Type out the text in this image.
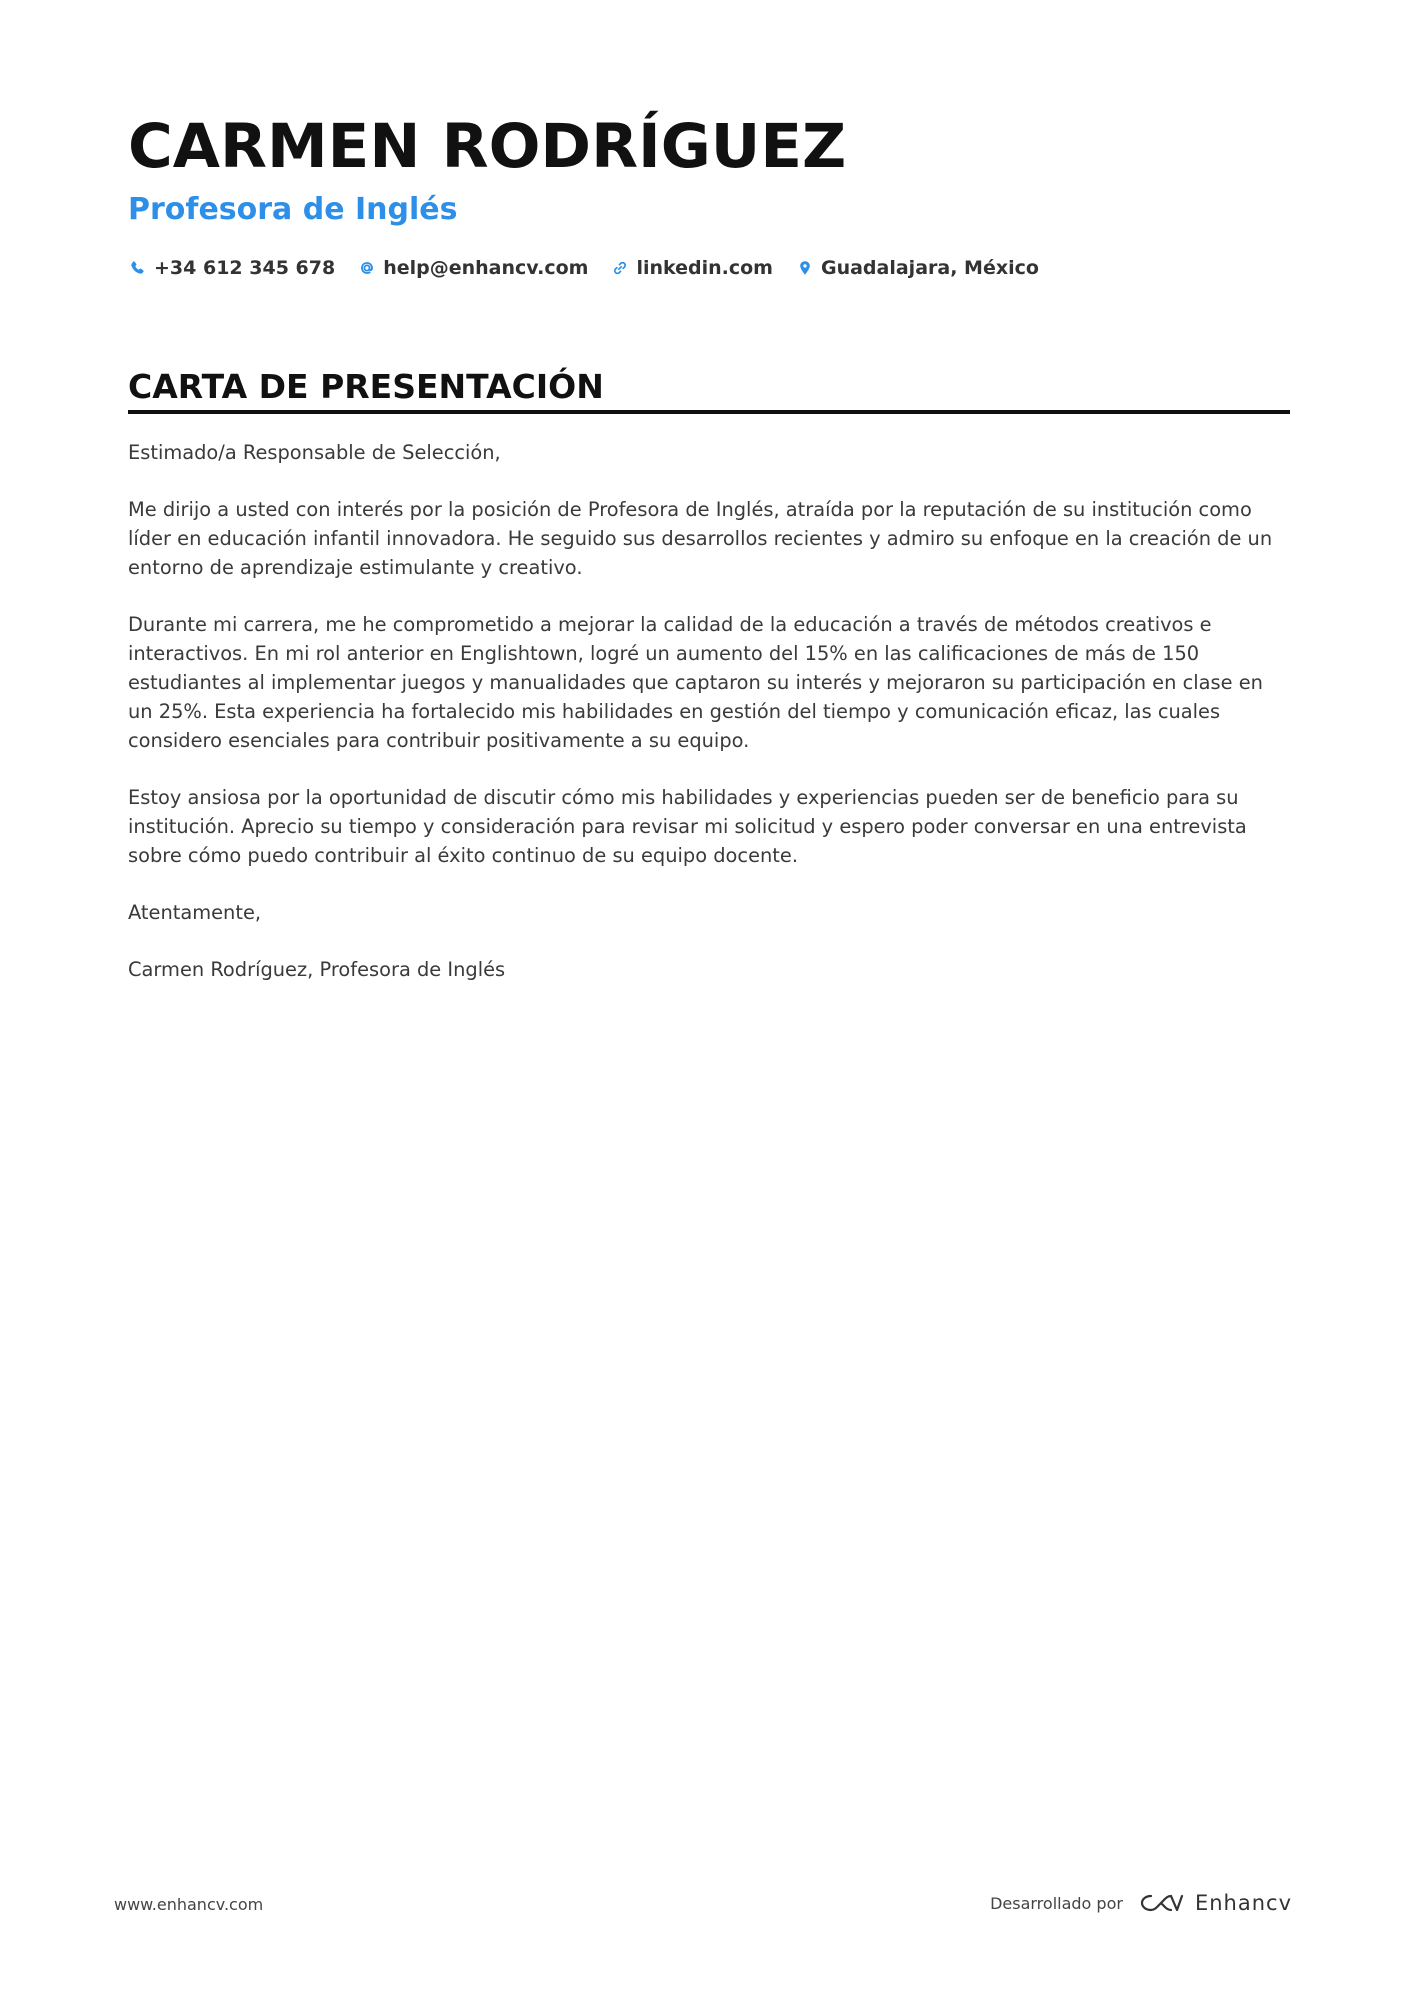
CARMEN RODRÍGUEZ
Profesora de Inglés
+34 612 345 678	help@enhancv.com	linkedin.com	Guadalajara, México
CARTA DE PRESENTACIÓN

Estimado/a Responsable de Selección,

Me dirijo a usted con interés por la posición de Profesora de Inglés, atraída por la reputación de su institución como líder en educación infantil innovadora. He seguido sus desarrollos recientes y admiro su enfoque en la creación de un entorno de aprendizaje estimulante y creativo.

Durante mi carrera, me he comprometido a mejorar la calidad de la educación a través de métodos creativos e interactivos. En mi rol anterior en Englishtown, logré un aumento del 15% en las calificaciones de más de 150 estudiantes al implementar juegos y manualidades que captaron su interés y mejoraron su participación en clase en un 25%. Esta experiencia ha fortalecido mis habilidades en gestión del tiempo y comunicación eficaz, las cuales considero esenciales para contribuir positivamente a su equipo.

Estoy ansiosa por la oportunidad de discutir cómo mis habilidades y experiencias pueden ser de beneficio para su institución. Aprecio su tiempo y consideración para revisar mi solicitud y espero poder conversar en una entrevista sobre cómo puedo contribuir al éxito continuo de su equipo docente.

Atentamente,

Carmen Rodríguez, Profesora de Inglés

www.enhancv.com	Desarrollado por	Enhancv
